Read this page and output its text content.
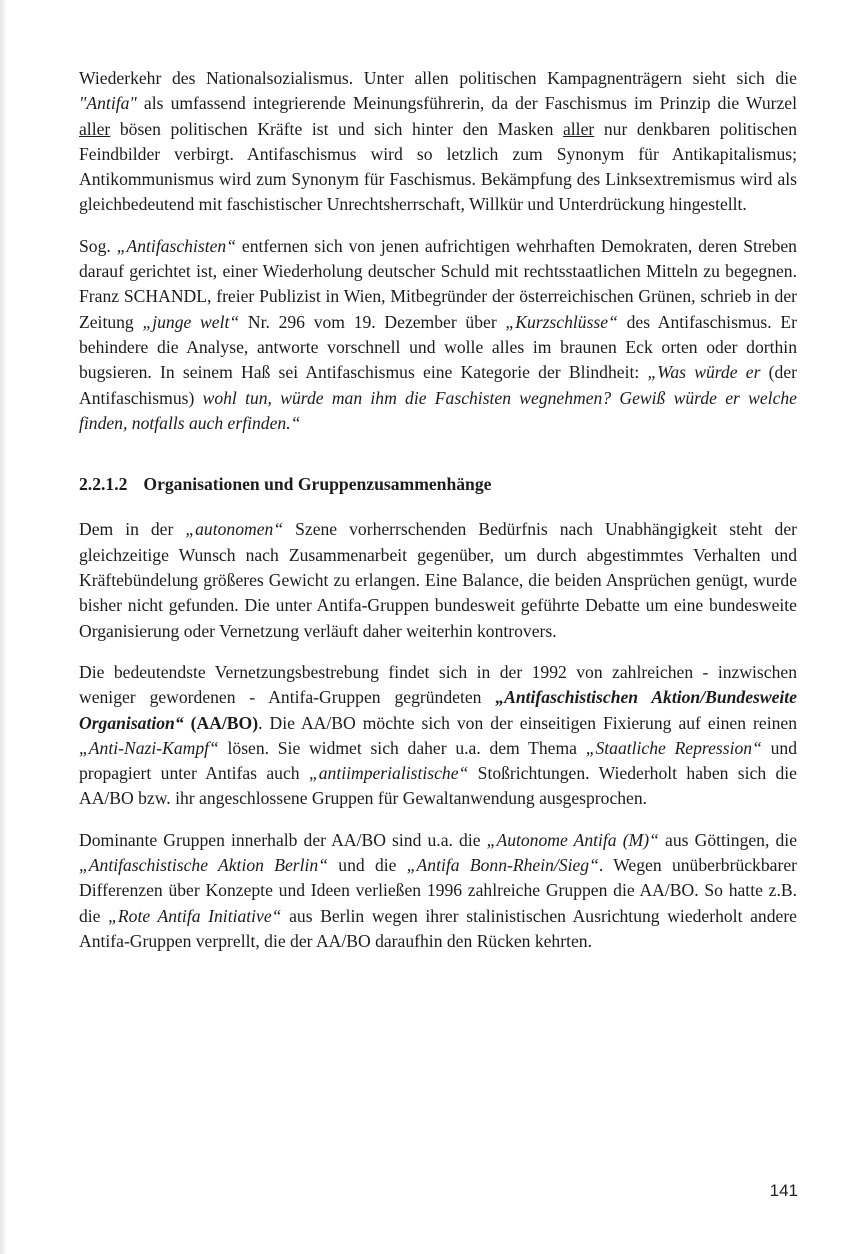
Wiederkehr des Nationalsozialismus. Unter allen politischen Kampagnenträgern sieht sich die "Antifa" als umfassend integrierende Meinungsführerin, da der Faschismus im Prinzip die Wurzel aller bösen politischen Kräfte ist und sich hinter den Masken aller nur denkbaren politischen Feindbilder verbirgt. Antifaschismus wird so letzlich zum Synonym für Antikapitalismus; Antikommunismus wird zum Synonym für Faschismus. Bekämpfung des Linksextremismus wird als gleichbedeutend mit faschistischer Unrechtsherrschaft, Willkür und Unterdrückung hingestellt.

Sog. „Antifaschisten“ entfernen sich von jenen aufrichtigen wehrhaften Demokraten, deren Streben darauf gerichtet ist, einer Wiederholung deutscher Schuld mit rechtsstaatlichen Mitteln zu begegnen. Franz SCHANDL, freier Publizist in Wien, Mitbegründer der österreichischen Grünen, schrieb in der Zeitung „junge welt“ Nr. 296 vom 19. Dezember über „Kurzschlüsse“ des Antifaschismus. Er behindere die Analyse, antworte vorschnell und wolle alles im braunen Eck orten oder dorthin bugsieren. In seinem Haß sei Antifaschismus eine Kategorie der Blindheit: „Was würde er (der Antifaschismus) wohl tun, würde man ihm die Faschisten wegnehmen? Gewiß würde er welche finden, notfalls auch erfinden.“

2.2.1.2 Organisationen und Gruppenzusammenhänge

Dem in der „autonomen“ Szene vorherrschenden Bedürfnis nach Unabhängigkeit steht der gleichzeitige Wunsch nach Zusammenarbeit gegenüber, um durch abgestimmtes Verhalten und Kräftebündelung größeres Gewicht zu erlangen. Eine Balance, die beiden Ansprüchen genügt, wurde bisher nicht gefunden. Die unter Antifa-Gruppen bundesweit geführte Debatte um eine bundesweite Organisierung oder Vernetzung verläuft daher weiterhin kontrovers.

Die bedeutendste Vernetzungsbestrebung findet sich in der 1992 von zahlreichen - inzwischen weniger gewordenen - Antifa-Gruppen gegründeten „Antifaschistischen Aktion/Bundesweite Organisation“ (AA/BO). Die AA/BO möchte sich von der einseitigen Fixierung auf einen reinen „Anti-Nazi-Kampf“ lösen. Sie widmet sich daher u.a. dem Thema „Staatliche Repression“ und propagiert unter Antifas auch „antiimperialistische“ Stoßrichtungen. Wiederholt haben sich die AA/BO bzw. ihr angeschlossene Gruppen für Gewaltanwendung ausgesprochen.

Dominante Gruppen innerhalb der AA/BO sind u.a. die „Autonome Antifa (M)“ aus Göttingen, die „Antifaschistische Aktion Berlin“ und die „Antifa Bonn-Rhein/Sieg“. Wegen unüberbrückbarer Differenzen über Konzepte und Ideen verließen 1996 zahlreiche Gruppen die AA/BO. So hatte z.B. die „Rote Antifa Initiative“ aus Berlin wegen ihrer stalinistischen Ausrichtung wiederholt andere Antifa-Gruppen verprellt, die der AA/BO daraufhin den Rücken kehrten.

141
